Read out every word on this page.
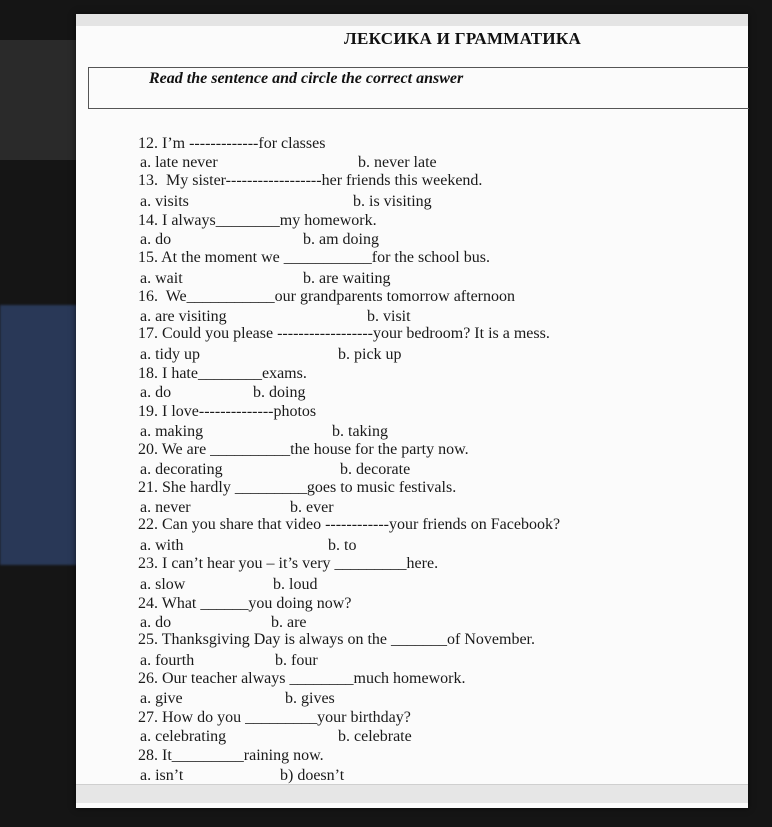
ЛЕКСИКА И ГРАММАТИКА
Read the sentence and circle the correct answer
12. I’m -------------for classes
a. late never	b. never late
13.  My sister------------------her friends this weekend.
a. visits	b. is visiting
14. I always________my homework.
a. do	b. am doing
15. At the moment we ___________for the school bus.
a. wait	b. are waiting
16.  We___________our grandparents tomorrow afternoon
a. are visiting	b. visit
17. Could you please ------------------your bedroom? It is a mess.
a. tidy up	b. pick up
18. I hate________exams.
a. do	b. doing
19. I love--------------photos
a. making	b. taking
20. We are __________the house for the party now.
a. decorating	b. decorate
21. She hardly _________goes to music festivals.
a. never	b. ever
22. Can you share that video ------------your friends on Facebook?
a. with	b. to
23. I can’t hear you – it’s very _________here.
a. slow	b. loud
24. What ______you doing now?
a. do	b. are
25. Thanksgiving Day is always on the _______of November.
a. fourth	b. four
26. Our teacher always ________much homework.
a. give	b. gives
27. How do you _________your birthday?
a. celebrating	b. celebrate
28. It_________raining now.
a. isn’t	b) doesn’t
